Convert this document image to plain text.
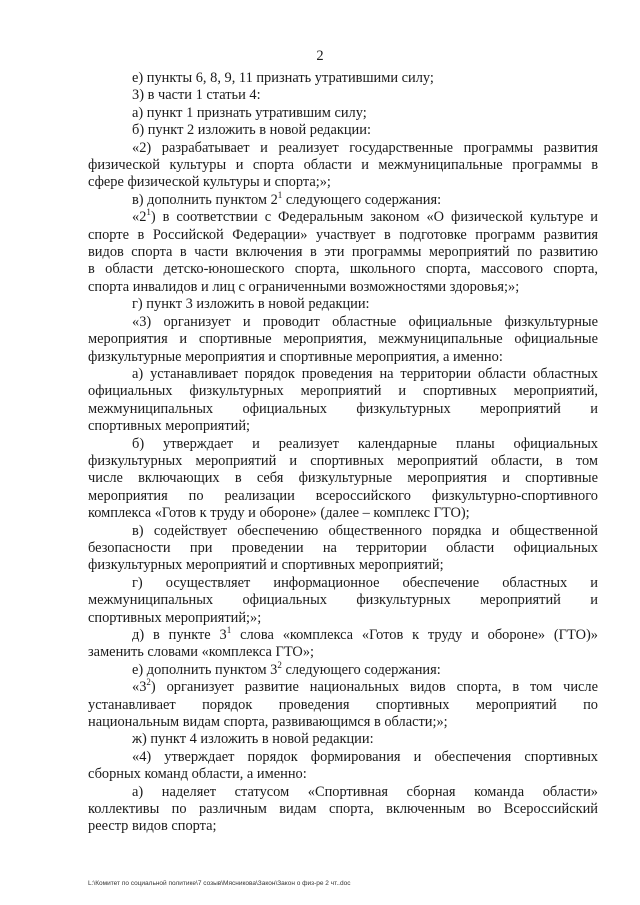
2

е) пункты 6, 8, 9, 11 признать утратившими силу;

3) в части 1 статьи 4:

а) пункт 1 признать утратившим силу;

б) пункт 2 изложить в новой редакции:

«2) разрабатывает и реализует государственные программы развития
физической культуры и спорта области и межмуниципальные программы в
сфере физической культуры и спорта;»;
в) дополнить пунктом $2^1$ следующего содержания:
«$2^1$) в соответствии с Федеральным законом «О физической культуре и
спорте в Российской Федерации» участвует в подготовке программ развития
видов спорта в части включения в эти программы мероприятий по развитию
в области детско-юношеского спорта, школьного спорта, массового спорта,
спорта инвалидов и лиц с ограниченными возможностями здоровья;»;
г) пункт 3 изложить в новой редакции:
«3) организует и проводит областные официальные физкультурные
мероприятия и спортивные мероприятия, межмуниципальные официальные
физкультурные мероприятия и спортивные мероприятия, а именно:
а) устанавливает порядок проведения на территории области областных
официальных физкультурных мероприятий и спортивных мероприятий,
межмуниципальных официальных физкультурных мероприятий и
спортивных мероприятий;
б) утверждает и реализует календарные планы официальных
физкультурных мероприятий и спортивных мероприятий области, в том
числе включающих в себя физкультурные мероприятия и спортивные
мероприятия по реализации всероссийского физкультурно-спортивного
комплекса «Готов к труду и обороне» (далее – комплекс ГТО);
в) содействует обеспечению общественного порядка и общественной
безопасности при проведении на территории области официальных
физкультурных мероприятий и спортивных мероприятий;
г) осуществляет информационное обеспечение областных и
межмуниципальных официальных физкультурных мероприятий и
спортивных мероприятий;»;
д) в пункте $3^1$ слова «комплекса «Готов к труду и обороне» (ГТО)»
заменить словами «комплекса ГТО»;
е) дополнить пунктом $3^2$ следующего содержания:
«$3^2$) организует развитие национальных видов спорта, в том числе
устанавливает порядок проведения спортивных мероприятий по
национальным видам спорта, развивающимся в области;»;
ж) пункт 4 изложить в новой редакции:
«4) утверждает порядок формирования и обеспечения спортивных
сборных команд области, а именно:
а) наделяет статусом «Спортивная сборная команда области»
коллективы по различным видам спорта, включенным во Всероссийский
реестр видов спорта;
L:\Комитет по социальной политике\7 созыв\Мясникова\Закон\Закон о физ-ре 2 чт..doc
